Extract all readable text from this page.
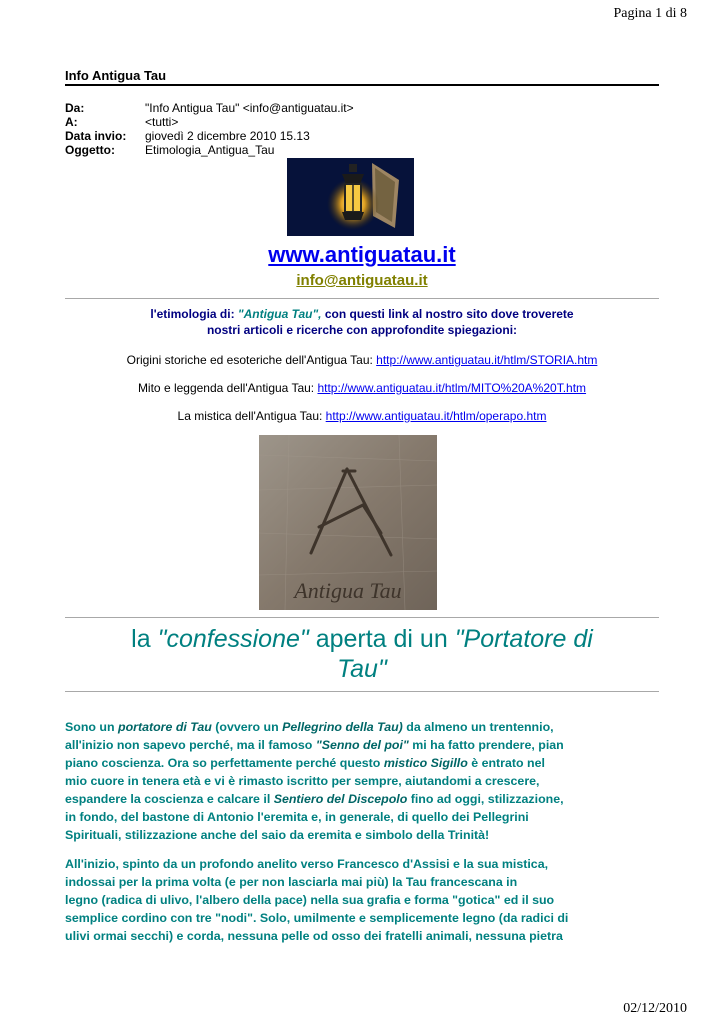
Pagina 1 di 8
Info Antigua Tau
Da:	"Info Antigua Tau" <info@antiguatau.it>
A:	<tutti>
Data invio:	giovedì 2 dicembre 2010 15.13
Oggetto:	Etimologia_Antigua_Tau
www.antiguatau.it
info@antiguatau.it
l'etimologia di: "Antigua Tau", con questi link al nostro sito dove troverete
nostri articoli e ricerche con approfondite spiegazioni:
Origini storiche ed esoteriche dell'Antigua Tau: http://www.antiguatau.it/htlm/STORIA.htm
Mito e leggenda dell'Antigua Tau: http://www.antiguatau.it/htlm/MITO%20A%20T.htm
La mistica dell'Antigua Tau: http://www.antiguatau.it/htlm/operapo.htm
Antigua Tau
la "confessione" aperta di un "Portatore di
Tau"
Sono un portatore di Tau (ovvero un Pellegrino della Tau) da almeno un trentennio,
all'inizio non sapevo perché, ma il famoso "Senno del poi" mi ha fatto prendere, pian
piano coscienza. Ora so perfettamente perché questo mistico Sigillo è entrato nel
mio cuore in tenera età e vi è rimasto iscritto per sempre, aiutandomi a crescere,
espandere la coscienza e calcare il Sentiero del Discepolo fino ad oggi, stilizzazione,
in fondo, del bastone di Antonio l'eremita e, in generale, di quello dei Pellegrini
Spirituali, stilizzazione anche del saio da eremita e simbolo della Trinità!
All'inizio, spinto da un profondo anelito verso Francesco d'Assisi e la sua mistica,
indossai per la prima volta (e per non lasciarla mai più) la Tau francescana in
legno (radica di ulivo, l'albero della pace) nella sua grafia e forma "gotica" ed il suo
semplice cordino con tre "nodi". Solo, umilmente e semplicemente legno (da radici di
ulivi ormai secchi) e corda, nessuna pelle od osso dei fratelli animali, nessuna pietra
02/12/2010
